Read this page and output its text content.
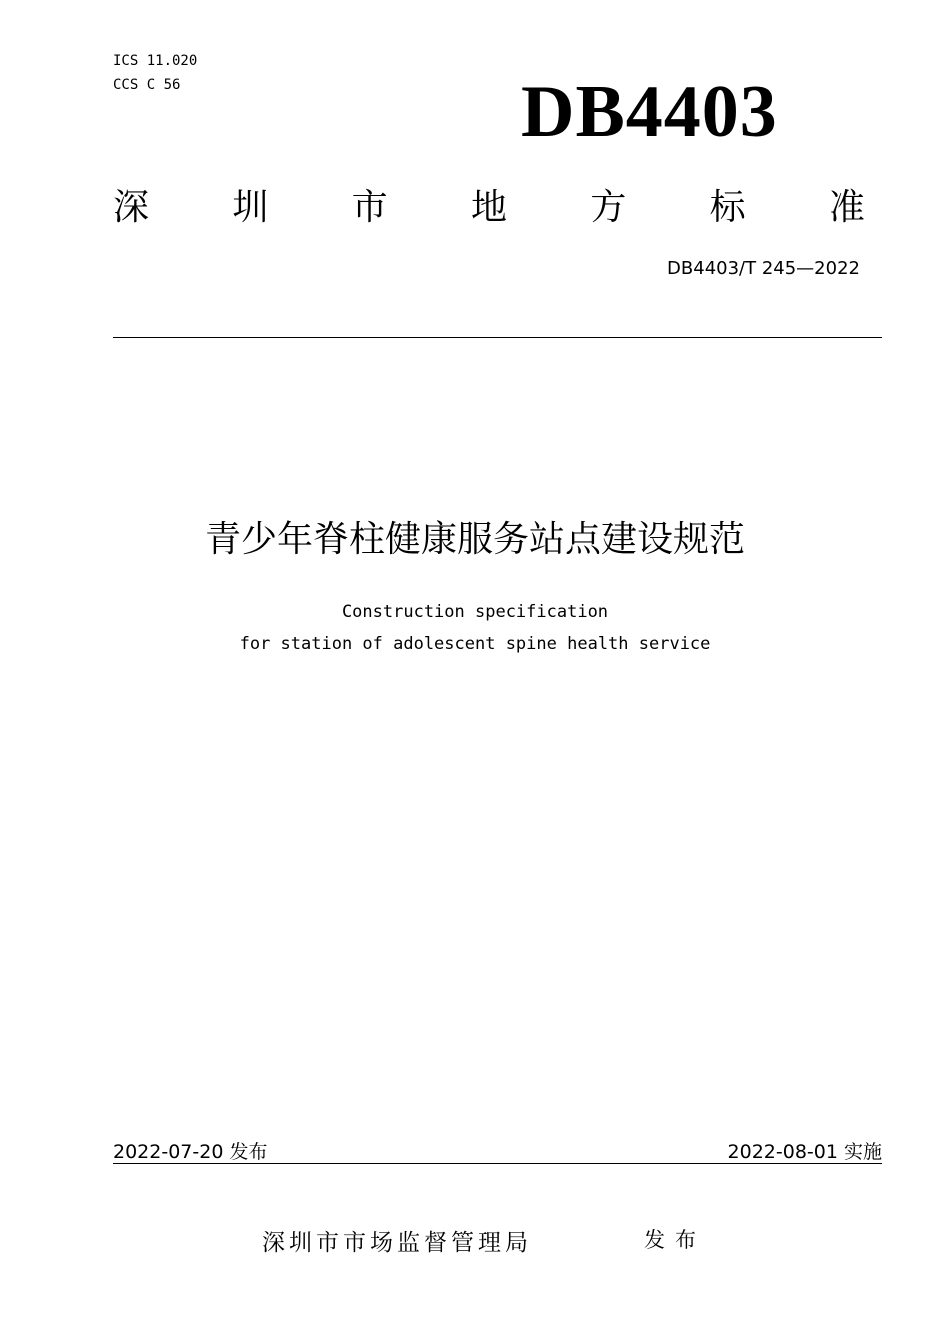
ICS 11.020
CCS C 56	DB4403
深 圳 市 地 方 标 准
DB4403/T 245—2022
青少年脊柱健康服务站点建设规范
Construction specification
for station of adolescent spine health service
2022-07-20 发布	2022-08-01 实施
深圳市市场监督管理局	发布
